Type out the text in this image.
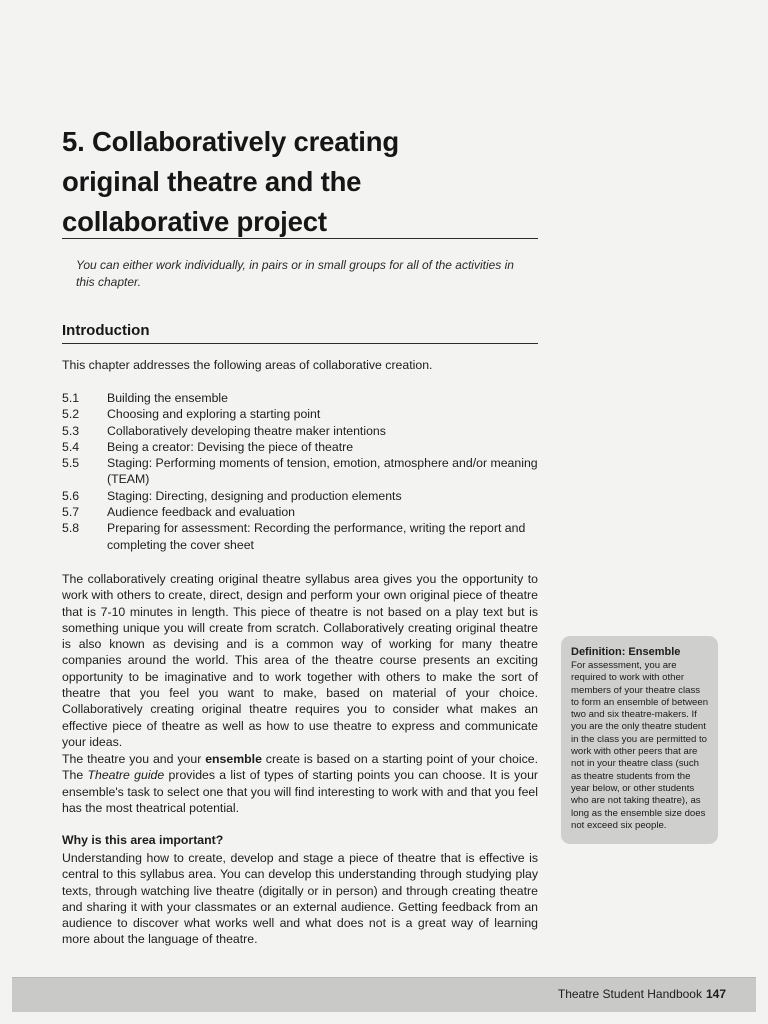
5. Collaboratively creating
original theatre and the
collaborative project
You can either work individually, in pairs or in small groups for all of the activities in this chapter.
Introduction
This chapter addresses the following areas of collaborative creation.
5.1	Building the ensemble
5.2	Choosing and exploring a starting point
5.3	Collaboratively developing theatre maker intentions
5.4	Being a creator: Devising the piece of theatre
5.5	Staging: Performing moments of tension, emotion, atmosphere and/or meaning (TEAM)
5.6	Staging: Directing, designing and production elements
5.7	Audience feedback and evaluation
5.8	Preparing for assessment: Recording the performance, writing the report and completing the cover sheet
The collaboratively creating original theatre syllabus area gives you the opportunity to work with others to create, direct, design and perform your own original piece of theatre that is 7-10 minutes in length. This piece of theatre is not based on a play text but is something unique you will create from scratch. Collaboratively creating original theatre is also known as devising and is a common way of working for many theatre companies around the world. This area of the theatre course presents an exciting opportunity to be imaginative and to work together with others to make the sort of theatre that you feel you want to make, based on material of your choice. Collaboratively creating original theatre requires you to consider what makes an effective piece of theatre as well as how to use theatre to express and communicate your ideas.
The theatre you and your ensemble create is based on a starting point of your choice. The Theatre guide provides a list of types of starting points you can choose. It is your ensemble's task to select one that you will find interesting to work with and that you feel has the most theatrical potential.
Why is this area important?
Understanding how to create, develop and stage a piece of theatre that is effective is central to this syllabus area. You can develop this understanding through studying play texts, through watching live theatre (digitally or in person) and through creating theatre and sharing it with your classmates or an external audience. Getting feedback from an audience to discover what works well and what does not is a great way of learning more about the language of theatre.
Definition: Ensemble
For assessment, you are required to work with other members of your theatre class to form an ensemble of between two and six theatre-makers. If you are the only theatre student in the class you are permitted to work with other peers that are not in your theatre class (such as theatre students from the year below, or other students who are not taking theatre), as long as the ensemble size does not exceed six people.
Theatre Student Handbook 147
